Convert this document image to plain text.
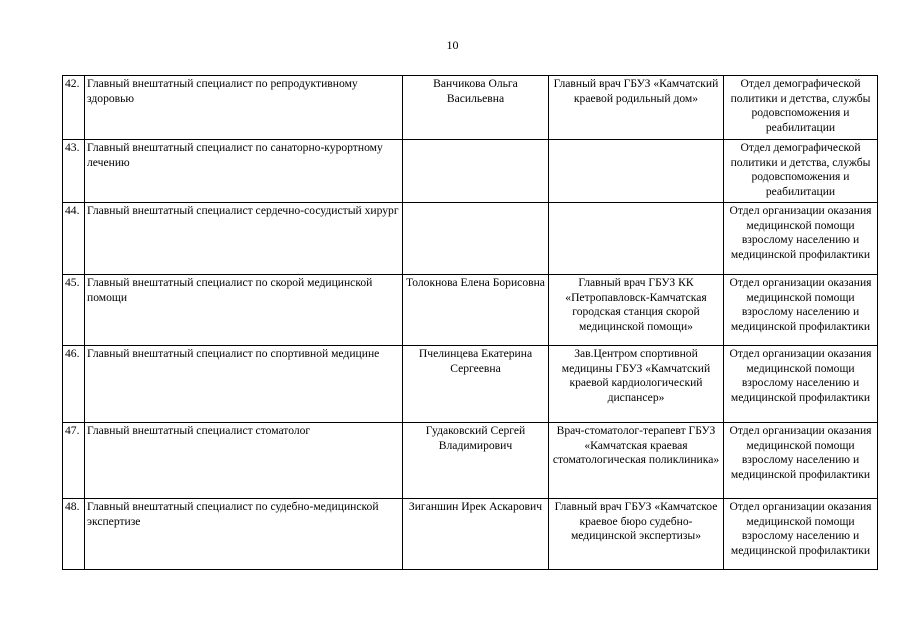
10
42.	Главный внештатный специалист по репродуктивному здоровью	Ванчикова Ольга Васильевна	Главный врач ГБУЗ «Камчатский краевой родильный дом»	Отдел демографической политики и детства, службы родовспоможения и реабилитации
43.	Главный внештатный специалист по санаторно-курортному лечению			Отдел демографической политики и детства, службы родовспоможения и реабилитации
44.	Главный внештатный специалист сердечно-сосудистый хирург			Отдел организации оказания медицинской помощи взрослому населению и медицинской профилактики
45.	Главный внештатный специалист по скорой медицинской помощи	Толокнова Елена Борисовна	Главный врач ГБУЗ КК «Петропавловск-Камчатская городская станция скорой медицинской помощи»	Отдел организации оказания медицинской помощи взрослому населению и медицинской профилактики
46.	Главный внештатный специалист по спортивной медицине	Пчелинцева Екатерина Сергеевна	Зав.Центром спортивной медицины ГБУЗ «Камчатский краевой кардиологический диспансер»	Отдел организации оказания медицинской помощи взрослому населению и медицинской профилактики
47.	Главный внештатный специалист стоматолог	Гудаковский Сергей Владимирович	Врач-стоматолог-терапевт ГБУЗ «Камчатская краевая стоматологическая поликлиника»	Отдел организации оказания медицинской помощи взрослому населению и медицинской профилактики
48.	Главный внештатный специалист по судебно-медицинской экспертизе	Зиганшин Ирек Аскарович	Главный врач ГБУЗ «Камчатское краевое бюро судебно-медицинской экспертизы»	Отдел организации оказания медицинской помощи взрослому населению и медицинской профилактики
